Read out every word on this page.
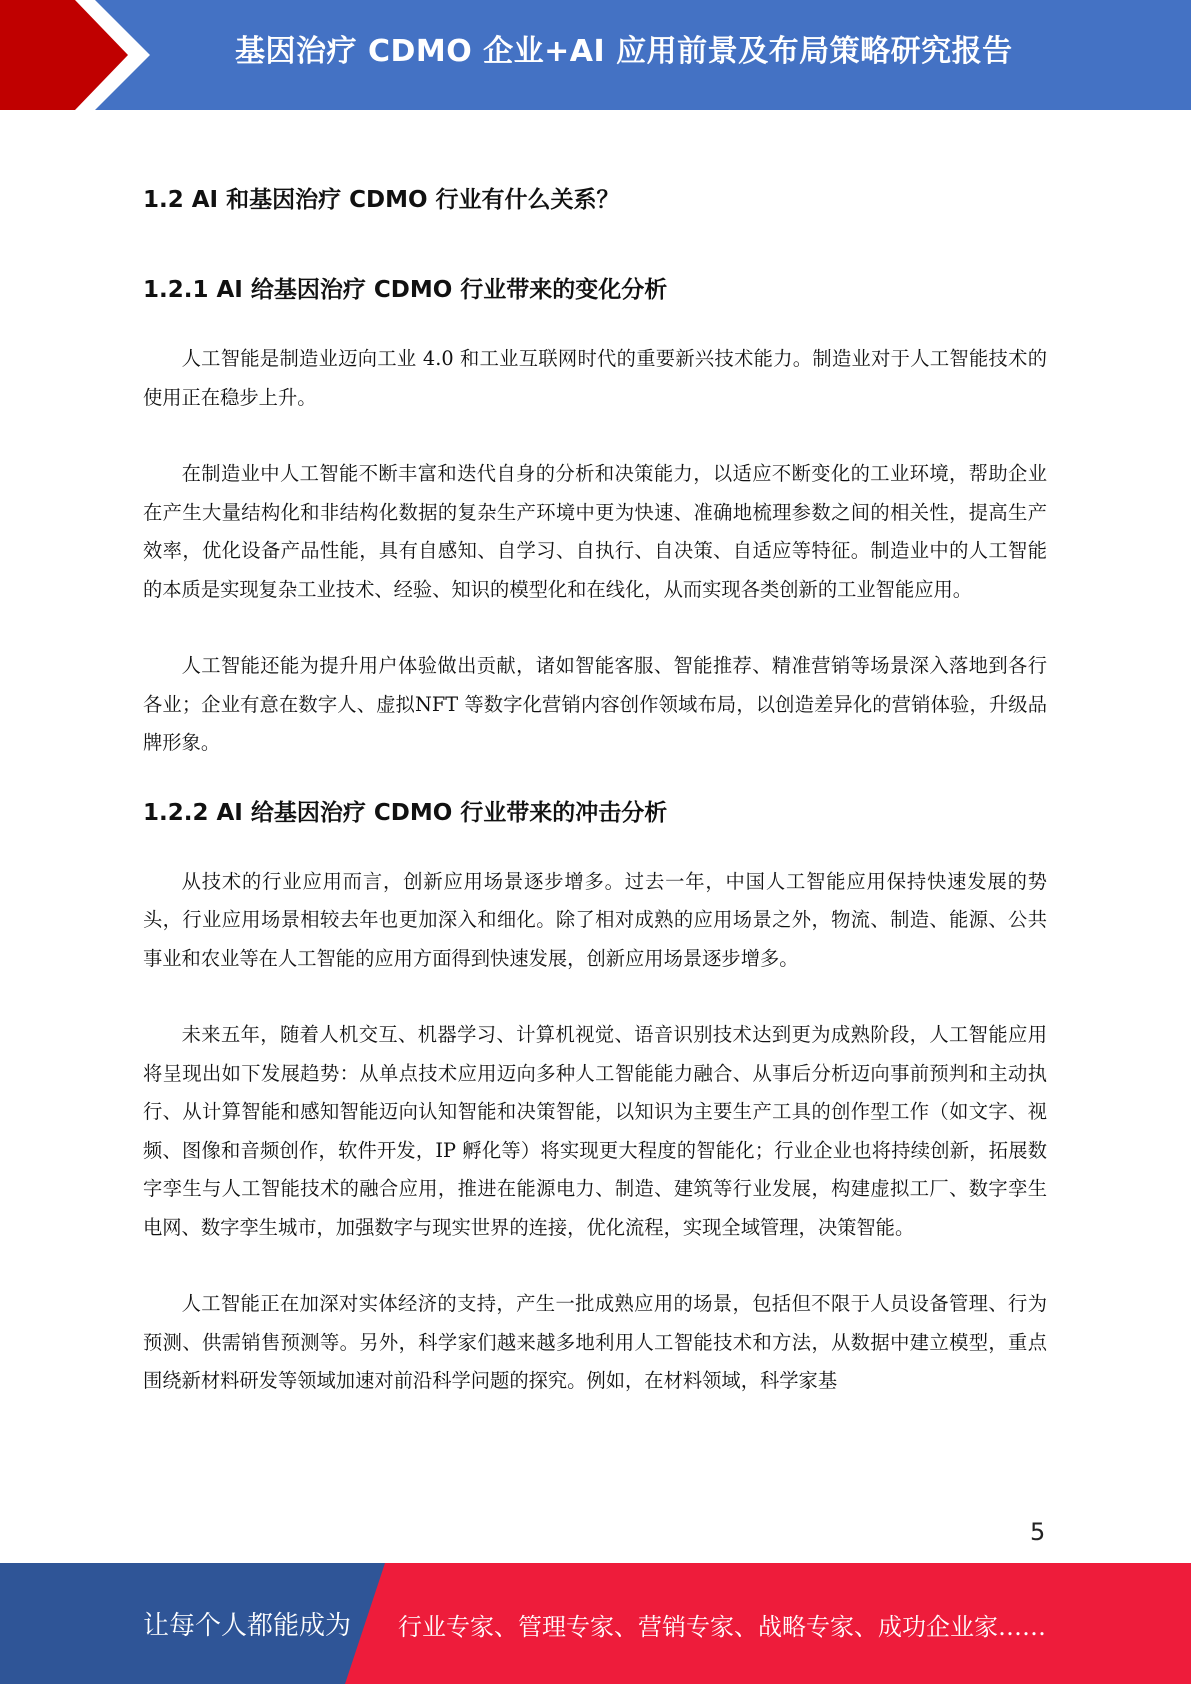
基因治疗 CDMO 企业+AI 应用前景及布局策略研究报告
1.2 AI 和基因治疗 CDMO 行业有什么关系？
1.2.1 AI 给基因治疗 CDMO 行业带来的变化分析

人工智能是制造业迈向工业 4.0 和工业互联网时代的重要新兴技术能力。制造业对于人工智能技术的使用正在稳步上升。

在制造业中人工智能不断丰富和迭代自身的分析和决策能力，以适应不断变化的工业环境，帮助企业在产生大量结构化和非结构化数据的复杂生产环境中更为快速、准确地梳理参数之间的相关性，提高生产效率，优化设备产品性能，具有自感知、自学习、自执行、自决策、自适应等特征。制造业中的人工智能的本质是实现复杂工业技术、经验、知识的模型化和在线化，从而实现各类创新的工业智能应用。

人工智能还能为提升用户体验做出贡献，诸如智能客服、智能推荐、精准营销等场景深入落地到各行各业；企业有意在数字人、虚拟NFT 等数字化营销内容创作领域布局，以创造差异化的营销体验，升级品牌形象。

1.2.2 AI 给基因治疗 CDMO 行业带来的冲击分析

从技术的行业应用而言，创新应用场景逐步增多。过去一年，中国人工智能应用保持快速发展的势头，行业应用场景相较去年也更加深入和细化。除了相对成熟的应用场景之外，物流、制造、能源、公共事业和农业等在人工智能的应用方面得到快速发展，创新应用场景逐步增多。

未来五年，随着人机交互、机器学习、计算机视觉、语音识别技术达到更为成熟阶段，人工智能应用将呈现出如下发展趋势：从单点技术应用迈向多种人工智能能力融合、从事后分析迈向事前预判和主动执行、从计算智能和感知智能迈向认知智能和决策智能，以知识为主要生产工具的创作型工作（如文字、视频、图像和音频创作，软件开发，IP 孵化等）将实现更大程度的智能化；行业企业也将持续创新，拓展数字孪生与人工智能技术的融合应用，推进在能源电力、制造、建筑等行业发展，构建虚拟工厂、数字孪生电网、数字孪生城市，加强数字与现实世界的连接，优化流程，实现全域管理，决策智能。

人工智能正在加深对实体经济的支持，产生一批成熟应用的场景，包括但不限于人员设备管理、行为预测、供需销售预测等。另外，科学家们越来越多地利用人工智能技术和方法，从数据中建立模型，重点围绕新材料研发等领域加速对前沿科学问题的探究。例如，在材料领域，科学家基

5
让每个人都能成为 行业专家、管理专家、营销专家、战略专家、成功企业家……
